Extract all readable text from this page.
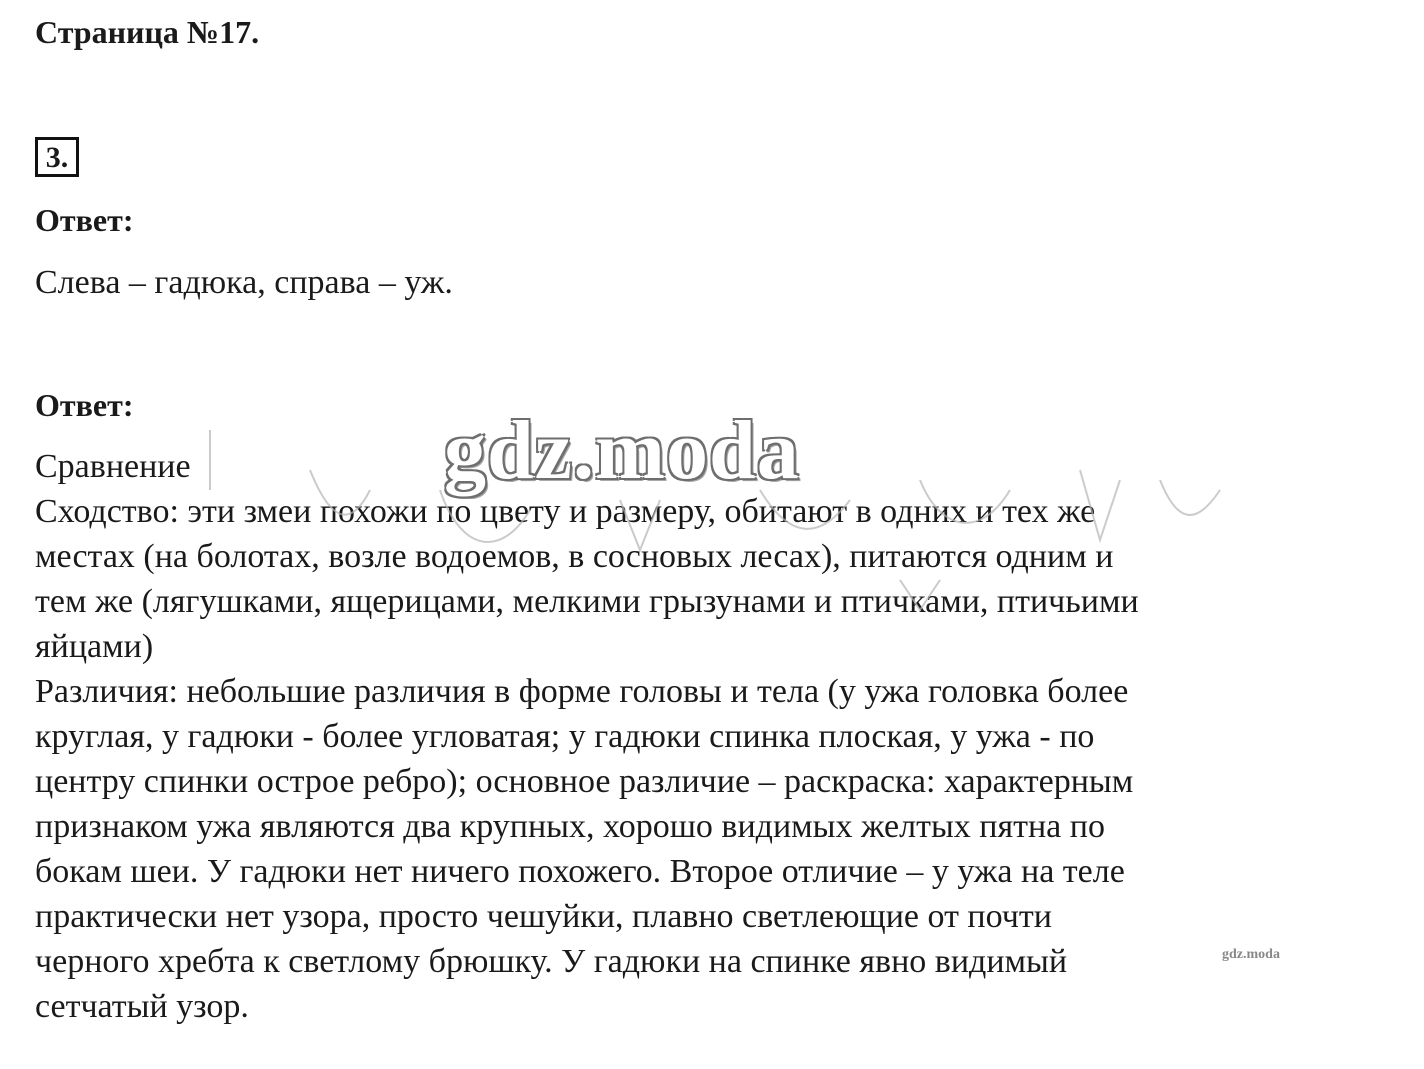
Страница №17.
3.
Ответ:

Слева – гадюка, справа – уж.

Ответ:

Сравнение

Сходство: эти змеи похожи по цвету и размеру, обитают в одних и тех же

местах (на болотах, возле водоемов, в сосновых лесах), питаются одним и

тем же (лягушками, ящерицами, мелкими грызунами и птичками, птичьими

яйцами)

Различия: небольшие различия в форме головы и тела (у ужа головка более

круглая, у гадюки - более угловатая; у гадюки спинка плоская, у ужа - по

центру спинки острое ребро); основное различие – раскраска: характерным

признаком ужа являются два крупных, хорошо видимых желтых пятна по

бокам шеи. У гадюки нет ничего похожего. Второе отличие – у ужа на теле

практически нет узора, просто чешуйки, плавно светлеющие от почти

черного хребта к светлому брюшку. У гадюки на спинке явно видимый

сетчатый узор.

gdz.moda
gdz.moda
